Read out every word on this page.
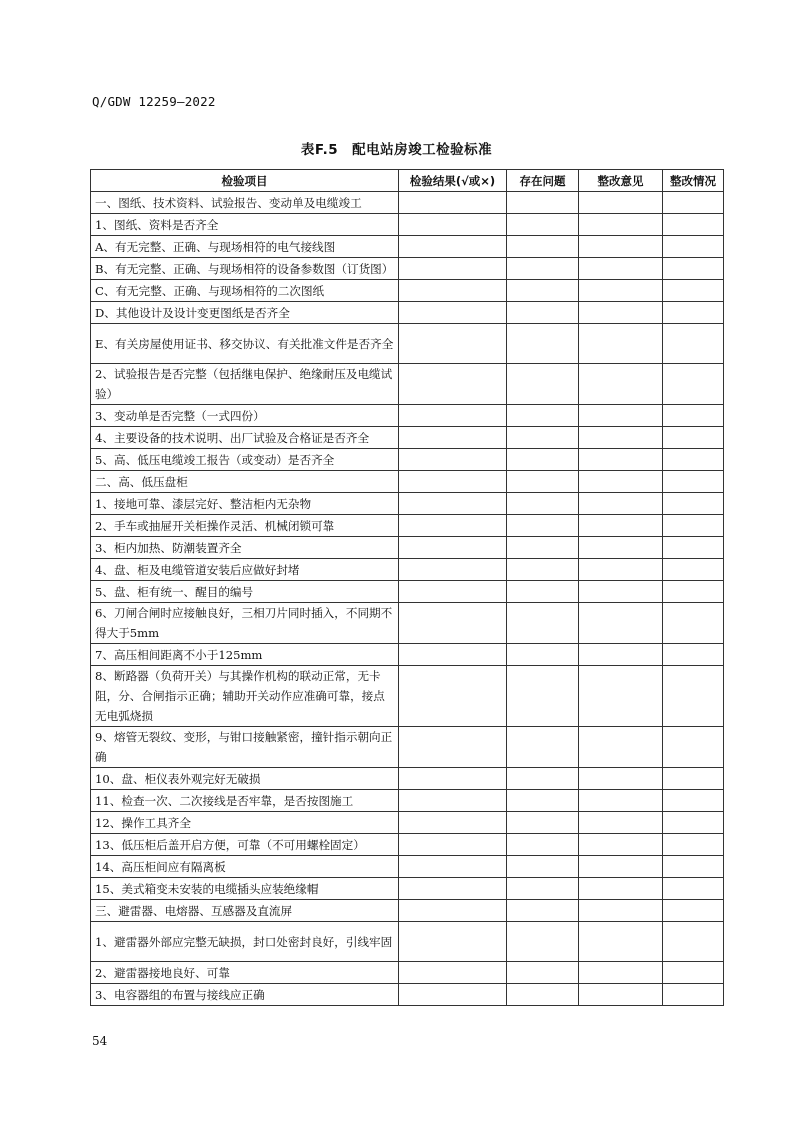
Q/GDW 12259—2022
表F.5　配电站房竣工检验标准
检验项目	检验结果(√或×)	存在问题	整改意见	整改情况
一、图纸、技术资料、试验报告、变动单及电缆竣工				
1、图纸、资料是否齐全				
A、有无完整、正确、与现场相符的电气接线图				
B、有无完整、正确、与现场相符的设备参数图（订货图）				
C、有无完整、正确、与现场相符的二次图纸				
D、其他设计及设计变更图纸是否齐全				
E、有关房屋使用证书、移交协议、有关批准文件是否齐全				
2、试验报告是否完整（包括继电保护、绝缘耐压及电缆试验）				
3、变动单是否完整（一式四份）				
4、主要设备的技术说明、出厂试验及合格证是否齐全				
5、高、低压电缆竣工报告（或变动）是否齐全				
二、高、低压盘柜				
1、接地可靠、漆层完好、整洁柜内无杂物				
2、手车或抽屉开关柜操作灵活、机械闭锁可靠				
3、柜内加热、防潮装置齐全				
4、盘、柜及电缆管道安装后应做好封堵				
5、盘、柜有统一、醒目的编号				
6、刀闸合闸时应接触良好，三相刀片同时插入，不同期不得大于5mm				
7、高压相间距离不小于125mm				
8、断路器（负荷开关）与其操作机构的联动正常，无卡阻，分、合闸指示正确；辅助开关动作应准确可靠，接点无电弧烧损				
9、熔管无裂纹、变形，与钳口接触紧密，撞针指示朝向正确				
10、盘、柜仪表外观完好无破损				
11、检查一次、二次接线是否牢靠，是否按图施工				
12、操作工具齐全				
13、低压柜后盖开启方便，可靠（不可用螺栓固定）				
14、高压柜间应有隔离板				
15、美式箱变未安装的电缆插头应装绝缘帽				
三、避雷器、电熔器、互感器及直流屏				
1、避雷器外部应完整无缺损，封口处密封良好，引线牢固				
2、避雷器接地良好、可靠				
3、电容器组的布置与接线应正确				
54
